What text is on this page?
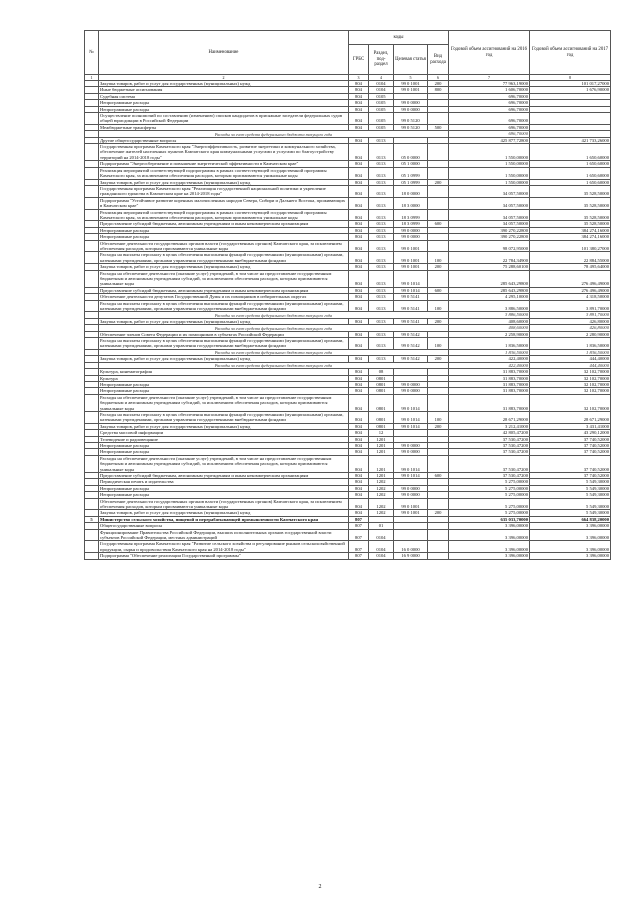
№	Наименование	коды				Годовой объем ассигнований на 2016 год	Годовой объем ассигнований на 2017 год
		ГРБС	Раздел, под-раздел	Целевая статья	Вид расхода		
1	2	3	4	5	6	7	8
	Закупка товаров, работ и услуг для государственных (муниципальных) нужд	804	0104	99 0 1001	200	77 963,19000	101 017,27000
	Иные бюджетные ассигнования	804	0104	99 0 1001	800	1 606,70000	1 676,90000
	Судебная система	804	0105			696,70000	
	Непрограммные расходы	804	0105	99 0 0000		696,70000	
	Непрограммные расходы	804	0105	99 0 0000		696,70000	
	Осуществление полномочий по составлению (изменению) списков кандидатов в присяжные заседатели федеральных судов общей юрисдикции в Российской Федерации	804	0105	99 0 5120		696,70000	
	Межбюджетные трансферты	804	0105	99 0 5120	500	696,70000	
	Расходы за счет средств федерального бюджета текущего года					696,70000	
	Другие общегосударственные вопросы	804	0113			425 877,72800	421 733,26000
	Государственная программа Камчатского края "Энергоэффективность, развитие энергетики и коммунального хозяйства, обеспечение жителей населенных пунктов Камчатского края коммунальными услугами и услугами по благоустройству территорий на 2014-2018 годы"	804	0113	05 0 0000		1 550,00000	1 650,60000
	Подпрограмма "Энергосбережение и повышение энергетической эффективности в Камчатском крае"	804	0113	05 1 0000		1 550,00000	1 650,60000
	Реализация мероприятий соответствующей подпрограммы в рамках соответствующей государственной программы Камчатского края, за исключением обеспечения расходов, которым присваиваются уникальные коды	804	0113	05 1 0999		1 550,00000	1 650,60000
	Закупка товаров, работ и услуг для государственных (муниципальных) нужд	804	0113	05 1 0999	200	1 550,00000	1 650,60000
	Государственная программа Камчатского края "Реализация государственной национальной политики и укрепление гражданского единства в Камчатском крае на 2014-2018 годы"	804	0113	18 0 0000		34 057,50000	35 528,50000
	Подпрограмма "Устойчивое развитие коренных малочисленных народов Севера, Сибири и Дальнего Востока, проживающих в Камчатском крае"	804	0113	18 3 0000		34 057,50000	35 528,50000
	Реализация мероприятий соответствующей подпрограммы в рамках соответствующей государственной программы Камчатского края, за исключением обеспечения расходов, которым присваиваются уникальные коды	804	0113	18 3 0999		34 057,50000	35 528,50000
	Предоставление субсидий бюджетным, автономным учреждениям и иным некоммерческим организациям	804	0113	18 3 0999	600	34 057,50000	35 528,50000
	Непрограммные расходы	804	0113	99 0 0000		390 270,22800	384 274,16000
	Непрограммные расходы	804	0113	99 0 0000		390 270,22800	384 274,16000
	Обеспечение деятельности государственных органов власти (государственных органов) Камчатского края, за исключением обеспечения расходов, которым присваиваются уникальные коды	804	0113	99 0 1001		98 072,95000	101 380,27000
	Расходы на выплаты персоналу в целях обеспечения выполнения функций государственными (муниципальными) органами, казенными учреждениями, органами управления государственными внебюджетными фондами	804	0113	99 0 1001	100	22 784,34900	22 884,55000
	Закупка товаров, работ и услуг для государственных (муниципальных) нужд	804	0113	99 0 1001	200	75 288,60100	78 495,64000
	Расходы на обеспечение деятельности (оказание услуг) учреждений, в том числе на предоставление государственным бюджетным и автономным учреждениям субсидий, за исключением обеспечения расходов, которым присваиваются уникальные коды	804	0113	99 0 1014		285 643,29800	276 496,49000
	Предоставление субсидий бюджетным, автономным учреждениям и иным некоммерческим организациям	804	0113	99 0 1014	600	285 643,29800	276 496,49000
	Обеспечение деятельности депутатов Государственной Думы и их помощников в избирательных округах	804	0113	99 0 5141		4 295,10000	4 318,50000
	Расходы на выплаты персоналу в целях обеспечения выполнения функций государственными (муниципальными) органами, казенными учреждениями, органами управления государственными внебюджетными фондами	804	0113	99 0 5141	100	3 886,50000	3 891,70000
	Расходы за счет средств федерального бюджета текущего года					3 886,50000	3 891,70000
	Закупка товаров, работ и услуг для государственных (муниципальных) нужд	804	0113	99 0 5141	200	408,60000	426,80000
	Расходы за счет средств федерального бюджета текущего года					408,60000	426,80000
	Обеспечение членов Совета Федерации и их помощников в субъектах Российской Федерации	804	0113	99 0 5142		2 258,90000	2 280,90000
	Расходы на выплаты персоналу в целях обеспечения выполнения функций государственными (муниципальными) органами, казенными учреждениями, органами управления государственными внебюджетными фондами	804	0113	99 0 5142	100	1 836,50000	1 836,50000
	Расходы за счет средств федерального бюджета текущего года					1 836,50000	1 836,50000
	Закупка товаров, работ и услуг для государственных (муниципальных) нужд	804	0113	99 0 5142	200	422,40000	444,40000
	Расходы за счет средств федерального бюджета текущего года					422,40000	444,40000
	Культура, кинематография	804	08			31 883,70000	32 102,70000
	Культура	804	0801			31 883,70000	32 102,70000
	Непрограммные расходы	804	0801	99 0 0000		31 883,70000	32 102,70000
	Непрограммные расходы	804	0801	99 0 0000		31 883,70000	32 102,70000
	Расходы на обеспечение деятельности (оказание услуг) учреждений, в том числе на предоставление государственным бюджетным и автономным учреждениям субсидий, за исключением обеспечения расходов, которым присваиваются уникальные коды	804	0801	99 0 1014		31 883,70000	32 102,70000
	Расходы на выплаты персоналу в целях обеспечения выполнения функций государственными (муниципальными) органами, казенными учреждениями, органами управления государственными внебюджетными фондами	804	0801	99 0 1014	100	28 671,29000	28 671,29000
	Закупка товаров, работ и услуг для государственных (муниципальных) нужд	804	0801	99 0 1014	200	3 212,41000	3 431,41000
	Средства массовой информации	804	12			42 805,47200	43 290,12000
	Телевидение и радиовещание	804	1201			37 530,47200	37 740,52000
	Непрограммные расходы	804	1201	99 0 0000		37 530,47200	37 740,52000
	Непрограммные расходы	804	1201	99 0 0000		37 530,47200	37 740,52000
	Расходы на обеспечение деятельности (оказание услуг) учреждений, в том числе на предоставление государственным бюджетным и автономным учреждениям субсидий, за исключением обеспечения расходов, которым присваиваются уникальные коды	804	1201	99 0 1014		37 530,47200	37 740,52000
	Предоставление субсидий бюджетным, автономным учреждениям и иным некоммерческим организациям	804	1201	99 0 1014	600	37 530,47200	37 740,52000
	Периодическая печать и издательства	804	1202			5 275,00000	5 549,30000
	Непрограммные расходы	804	1202	99 0 0000		5 275,00000	5 549,30000
	Непрограммные расходы	804	1202	99 0 0000		5 275,00000	5 549,30000
	Обеспечение деятельности государственных органов власти (государственных органов) Камчатского края, за исключением обеспечения расходов, которым присваиваются уникальные коды	804	1202	99 0 1001		5 275,00000	5 549,30000
	Закупка товаров, работ и услуг для государственных (муниципальных) нужд	804	1202	99 0 1001	200	5 275,00000	5 549,30000
5	Министерство сельского хозяйства, пищевой и перерабатывающей промышленности Камчатского края	807				635 033,70000	664 838,20000
	Общегосударственные вопросы	807	01			3 396,00000	3 396,00000
	Функционирование Правительства Российской Федерации, высших исполнительных органов государственной власти субъектов Российской Федерации, местных администраций	807	0104			3 396,00000	3 396,00000
	Государственная программа Камчатского края "Развитие сельского хозяйства и регулирование рынков сельскохозяйственной продукции, сырья и продовольствия Камчатского края на 2014-2018 годы"	807	0104	16 0 0000		3 396,00000	3 396,00000
	Подпрограмма "Обеспечение реализации Государственной программы"	807	0104	16 9 0000		3 396,00000	3 396,00000
2
